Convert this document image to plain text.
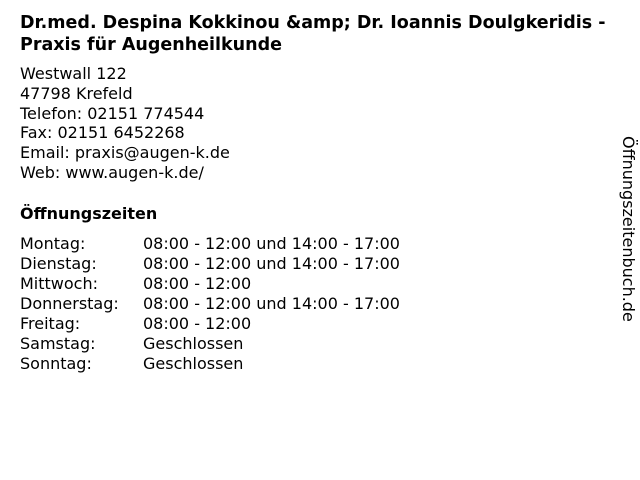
Dr.med. Despina Kokkinou &amp; Dr. Ioannis Doulgkeridis - Praxis für Augenheilkunde
Westwall 122
47798 Krefeld
Telefon: 02151 774544
Fax: 02151 6452268
Email: praxis@augen-k.de
Web: www.augen-k.de/
Öffnungszeiten
Montag:	08:00 - 12:00 und 14:00 - 17:00
Dienstag:	08:00 - 12:00 und 14:00 - 17:00
Mittwoch:	08:00 - 12:00
Donnerstag:	08:00 - 12:00 und 14:00 - 17:00
Freitag:	08:00 - 12:00
Samstag:	Geschlossen
Sonntag:	Geschlossen
Öffnungszeitenbuch.de
